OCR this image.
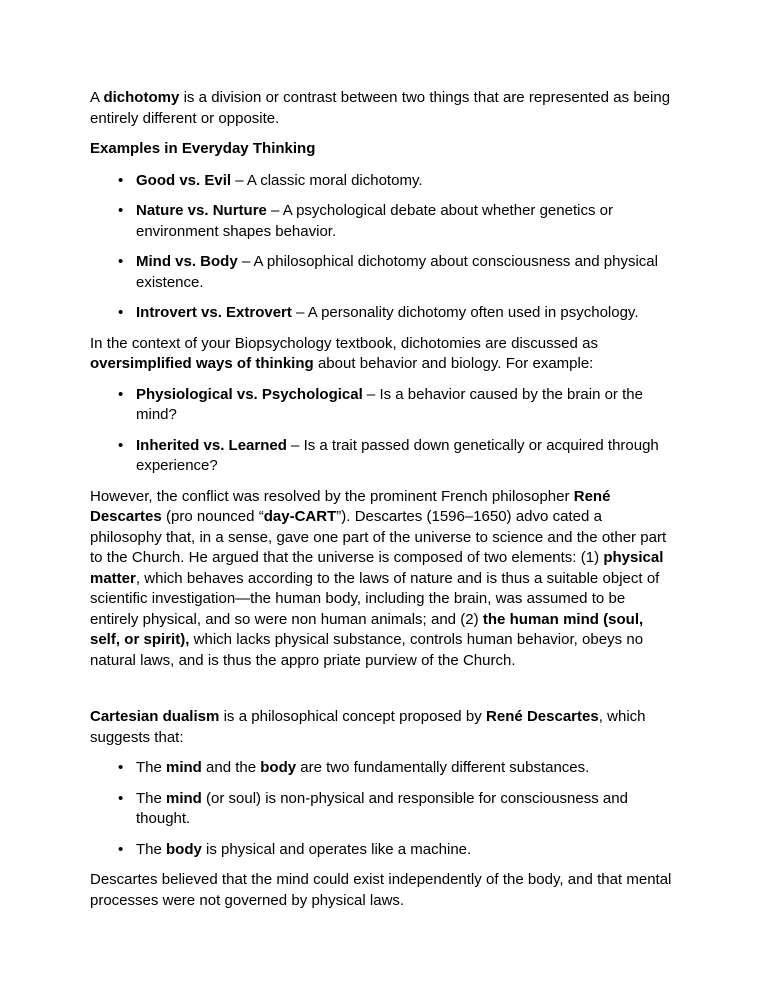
A dichotomy is a division or contrast between two things that are represented as being entirely different or opposite.

Examples in Everyday Thinking

• Good vs. Evil – A classic moral dichotomy.
• Nature vs. Nurture – A psychological debate about whether genetics or environment shapes behavior.
• Mind vs. Body – A philosophical dichotomy about consciousness and physical existence.
• Introvert vs. Extrovert – A personality dichotomy often used in psychology.

In the context of your Biopsychology textbook, dichotomies are discussed as oversimplified ways of thinking about behavior and biology. For example:

• Physiological vs. Psychological – Is a behavior caused by the brain or the mind?
• Inherited vs. Learned – Is a trait passed down genetically or acquired through experience?

However, the conflict was resolved by the prominent French philosopher René Descartes (pro nounced “day-CART”). Descartes (1596–1650) advo cated a philosophy that, in a sense, gave one part of the universe to science and the other part to the Church. He argued that the universe is composed of two elements: (1) physical matter, which behaves according to the laws of nature and is thus a suitable object of scientific investigation—the human body, including the brain, was assumed to be entirely physical, and so were non human animals; and (2) the human mind (soul, self, or spirit), which lacks physical substance, controls human behavior, obeys no natural laws, and is thus the appro priate purview of the Church.

Cartesian dualism is a philosophical concept proposed by René Descartes, which suggests that:

• The mind and the body are two fundamentally different substances.
• The mind (or soul) is non-physical and responsible for consciousness and thought.
• The body is physical and operates like a machine.

Descartes believed that the mind could exist independently of the body, and that mental processes were not governed by physical laws.
